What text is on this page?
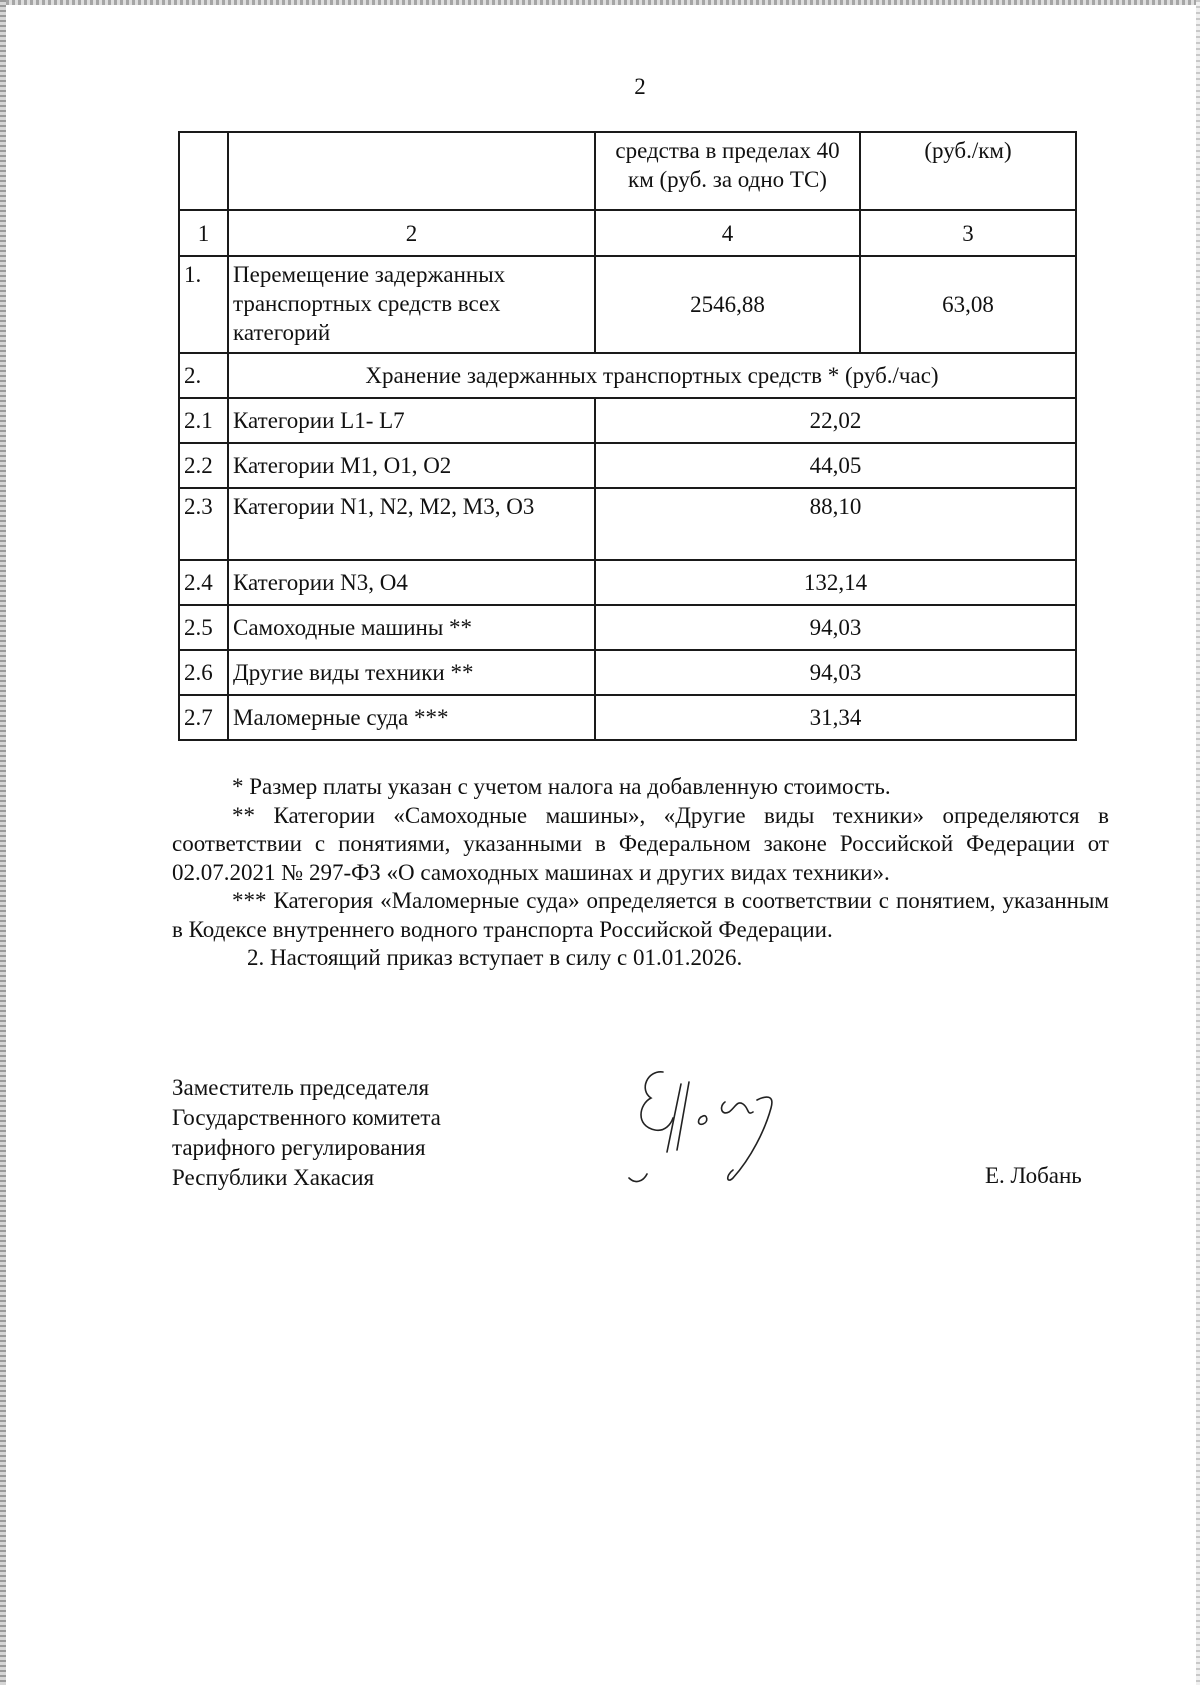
2
		средства в пределах 40 км (руб. за одно ТС)	(руб./км)
1	2	4	3
1.	Перемещение задержанных транспортных средств всех категорий	2546,88	63,08
2.	Хранение задержанных транспортных средств * (руб./час)		
2.1	Категории L1- L7	22,02	
2.2	Категории M1, O1, O2	44,05	
2.3	Категории N1, N2, M2, M3, O3	88,10	
2.4	Категории N3, O4	132,14	
2.5	Самоходные машины **	94,03	
2.6	Другие виды техники **	94,03	
2.7	Маломерные суда ***	31,34	

* Размер платы указан с учетом налога на добавленную стоимость.

** Категории «Самоходные машины», «Другие виды техники» определяются в соответствии с понятиями, указанными в Федеральном законе Российской Федерации от 02.07.2021 № 297-ФЗ «О самоходных машинах и других видах техники».

*** Категория «Маломерные суда» определяется в соответствии с понятием, указанным в Кодексе внутреннего водного транспорта Российской Федерации.

2. Настоящий приказ вступает в силу с 01.01.2026.

Заместитель председателя
Государственного комитета
тарифного регулирования
Республики Хакасия	Е. Лобань
